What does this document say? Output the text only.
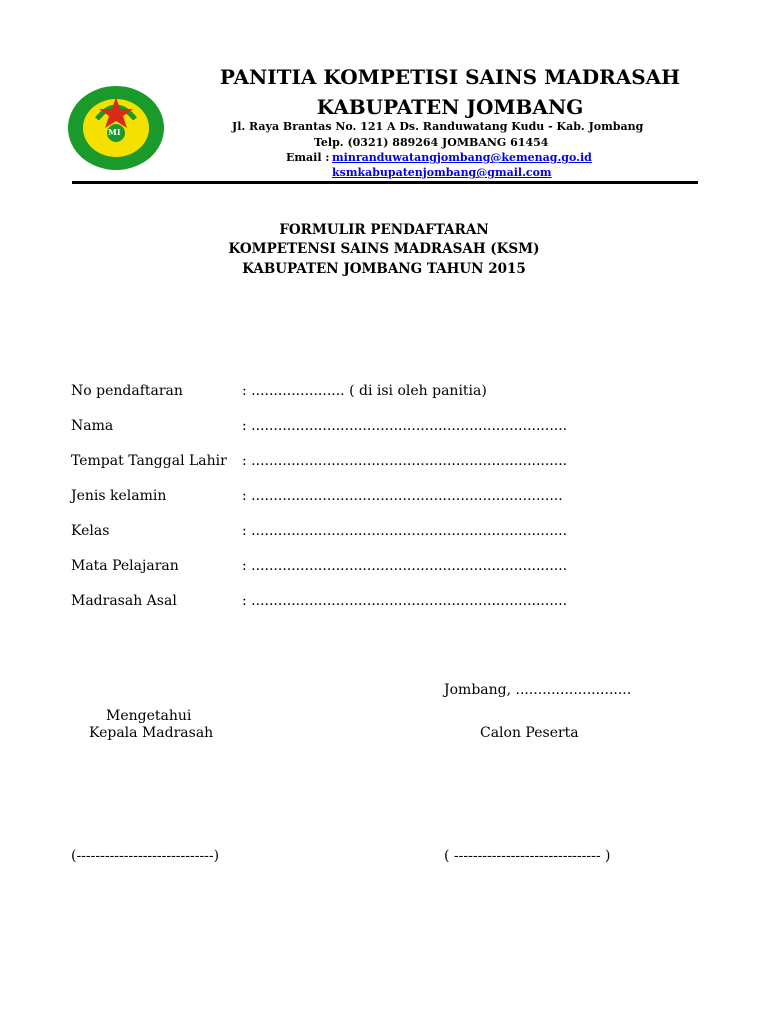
MI
PANITIA KOMPETISI SAINS MADRASAH
KABUPATEN JOMBANG
Jl. Raya Brantas No. 121 A Ds. Randuwatang Kudu - Kab. Jombang
Telp. (0321) 889264 JOMBANG 61454
Email : minranduwatangjombang@kemenag.go.id
ksmkabupatenjombang@gmail.com
FORMULIR PENDAFTARAN
KOMPETENSI SAINS MADRASAH (KSM)
KABUPATEN JOMBANG TAHUN 2015
No pendaftaran	: ..................... ( di isi oleh panitia)
Nama	: .......................................................................
Tempat Tanggal Lahir : .......................................................................
Jenis kelamin	: ......................................................................
Kelas	: .......................................................................
Mata Pelajaran	: .......................................................................
Madrasah Asal	: .......................................................................
Jombang, ..........................
Mengetahui
Kepala Madrasah	Calon Peserta
(-----------------------------)	( ------------------------------- )
